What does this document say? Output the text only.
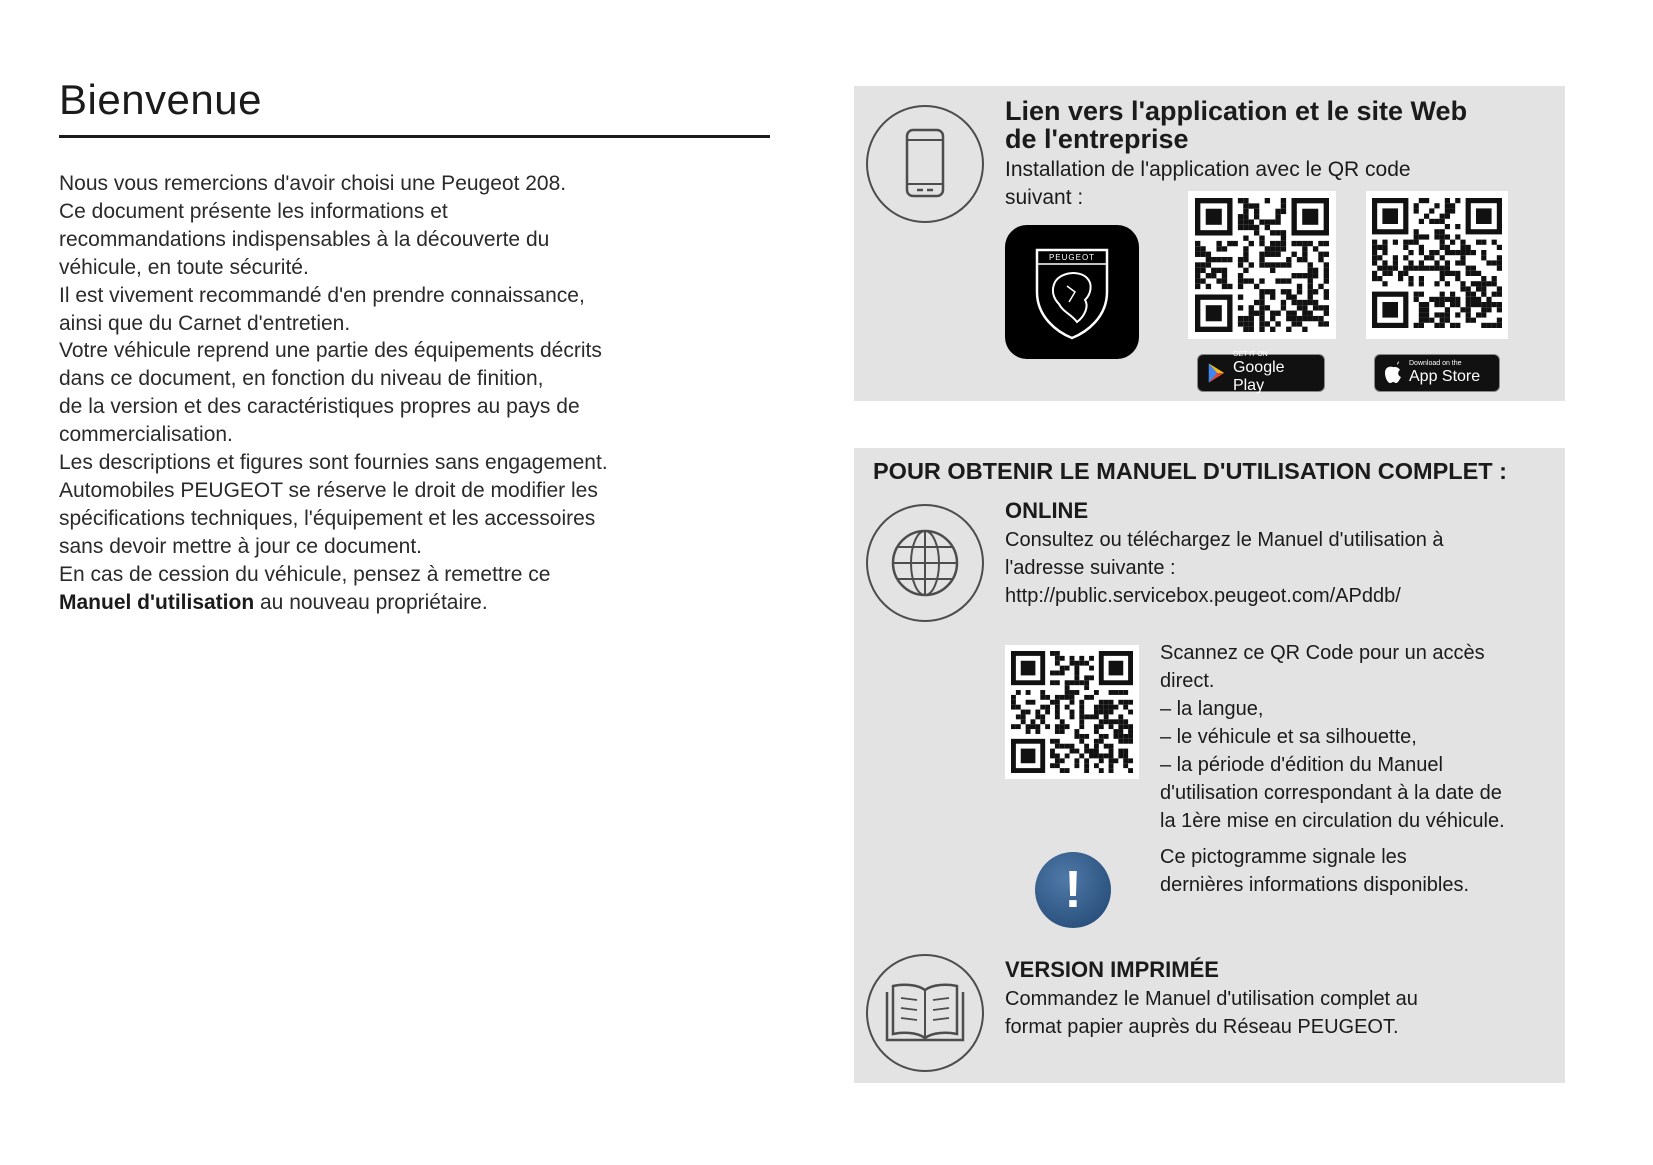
Bienvenue

Nous vous remercions d'avoir choisi une Peugeot 208.

Ce document présente les informations et

recommandations indispensables à la découverte du

véhicule, en toute sécurité.

Il est vivement recommandé d'en prendre connaissance,

ainsi que du Carnet d'entretien.

Votre véhicule reprend une partie des équipements décrits

dans ce document, en fonction du niveau de finition,

de la version et des caractéristiques propres au pays de

commercialisation.

Les descriptions et figures sont fournies sans engagement.

Automobiles PEUGEOT se réserve le droit de modifier les

spécifications techniques, l'équipement et les accessoires

sans devoir mettre à jour ce document.

En cas de cession du véhicule, pensez à remettre ce

Manuel d'utilisation au nouveau propriétaire.

Lien vers l'application et le site Web
de l'entreprise
Installation de l'application avec le QR code
suivant :
PEUGEOT
GET IT ON
Google Play
Download on the
App Store
POUR OBTENIR LE MANUEL D'UTILISATION COMPLET :
ONLINE
Consultez ou téléchargez le Manuel d'utilisation à
l'adresse suivante :
http://public.servicebox.peugeot.com/APddb/
Scannez ce QR Code pour un accès
direct.
– la langue,
– le véhicule et sa silhouette,
– la période d'édition du Manuel
d'utilisation correspondant à la date de
la 1ère mise en circulation du véhicule.
!
Ce pictogramme signale les
dernières informations disponibles.
VERSION IMPRIMÉE
Commandez le Manuel d'utilisation complet au
format papier auprès du Réseau PEUGEOT.
